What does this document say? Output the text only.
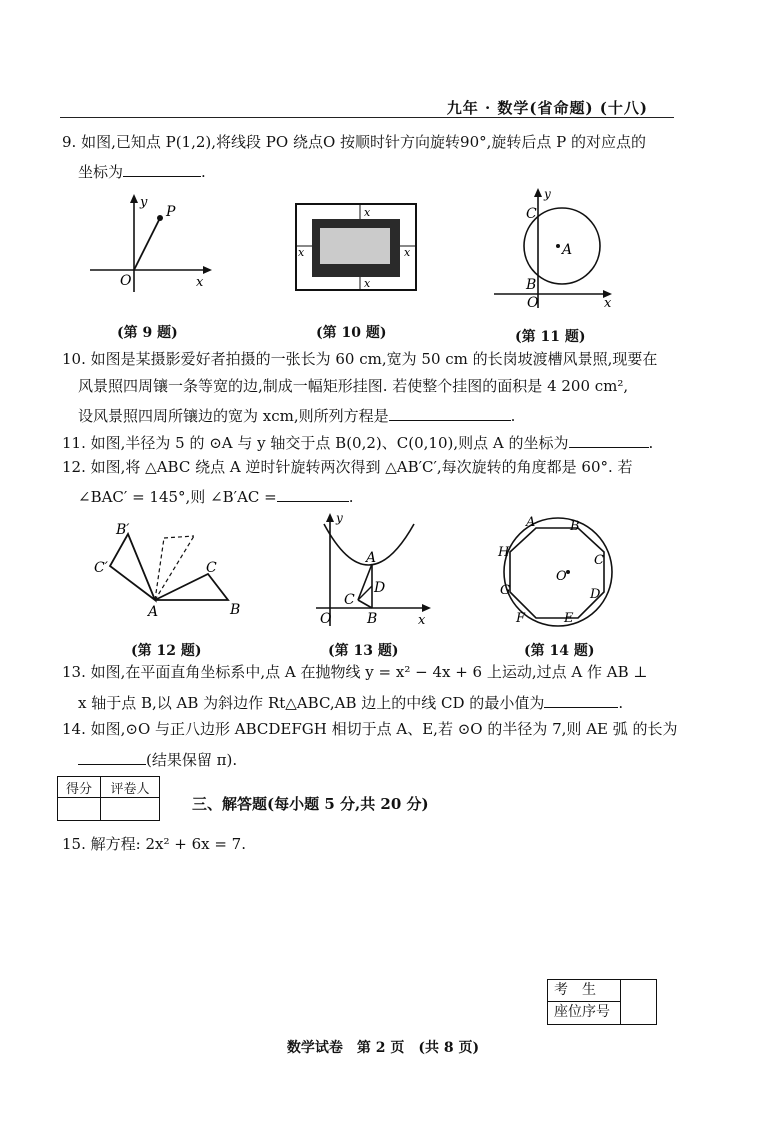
九年 · 数学(省命题) (十八)
9. 如图,已知点 P(1,2),将线段 PO 绕点O 按顺时针方向旋转90°,旋转后点 P 的对应点的
坐标为	.
y
P
O	x
(第 9 题)
x
x
x	x
(第 10 题)
y
C
A
B
O	x
(第 11 题)
10. 如图是某摄影爱好者拍摄的一张长为 60 cm,宽为 50 cm 的长岗坡渡槽风景照,现要在
风景照四周镶一条等宽的边,制成一幅矩形挂图. 若使整个挂图的面积是 4 200 cm²,
设风景照四周所镶边的宽为 xcm,则所列方程是	.
11. 如图,半径为 5 的 ⊙A 与 y 轴交于点 B(0,2)、C(0,10),则点 A 的坐标为	.
12. 如图,将 △ABC 绕点 A 逆时针旋转两次得到 △AB′C′,每次旋转的角度都是 60°. 若
∠BAC′ = 145°,则 ∠B′AC =	.
B′
C′	C
A	B
(第 12 题)
y
A
D
C
O	B	x
(第 13 题)
A	B
H
C
O
G	D
F	E
(第 14 题)
13. 如图,在平面直角坐标系中,点 A 在抛物线 y = x² − 4x + 6 上运动,过点 A 作 AB ⊥
x 轴于点 B,以 AB 为斜边作 Rt△ABC,AB 边上的中线 CD 的最小值为	.
14. 如图,⊙O 与正八边形 ABCDEFGH 相切于点 A、E,若 ⊙O 的半径为 7,则 AE 弧 的长为
(结果保留 π).
得分	评卷人

三、解答题(每小题 5 分,共 20 分)
15. 解方程: 2x² + 6x = 7.
考　生
座位序号
数学试卷　第 2 页　(共 8 页)
